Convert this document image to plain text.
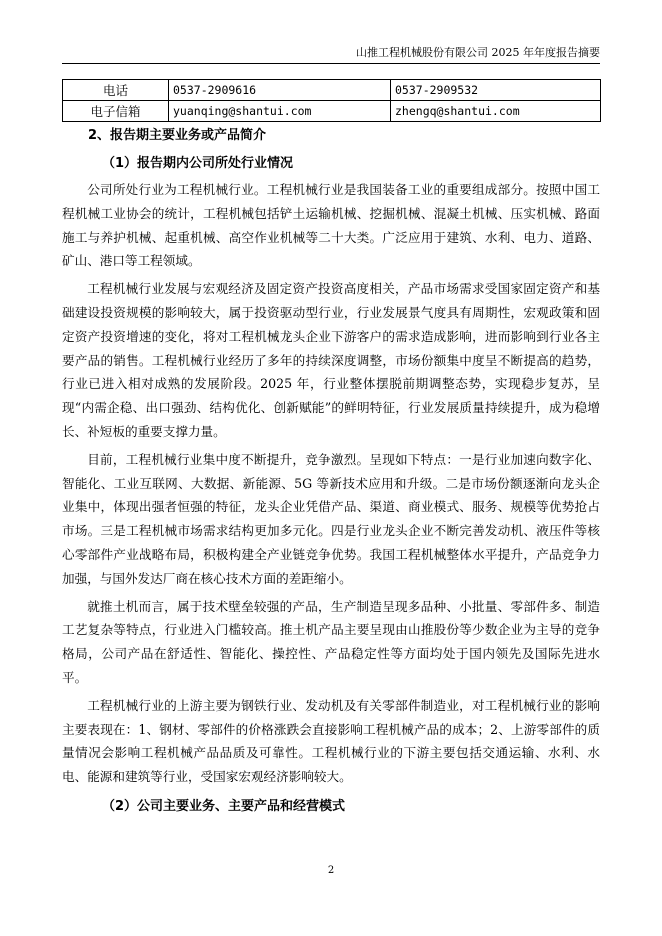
山推工程机械股份有限公司 2025 年年度报告摘要
电话	0537-2909616	0537-2909532
电子信箱	yuanqing@shantui.com	zhengq@shantui.com
2、报告期主要业务或产品简介
（1）报告期内公司所处行业情况

公司所处行业为工程机械行业。工程机械行业是我国装备工业的重要组成部分。按照中国工程机械工业协会的统计，工程机械包括铲土运输机械、挖掘机械、混凝土机械、压实机械、路面施工与养护机械、起重机械、高空作业机械等二十大类。广泛应用于建筑、水利、电力、道路、矿山、港口等工程领域。

工程机械行业发展与宏观经济及固定资产投资高度相关，产品市场需求受国家固定资产和基础建设投资规模的影响较大，属于投资驱动型行业，行业发展景气度具有周期性，宏观政策和固定资产投资增速的变化，将对工程机械龙头企业下游客户的需求造成影响，进而影响到行业各主要产品的销售。工程机械行业经历了多年的持续深度调整，市场份额集中度呈不断提高的趋势，行业已进入相对成熟的发展阶段。2025 年，行业整体摆脱前期调整态势，实现稳步复苏，呈现“内需企稳、出口强劲、结构优化、创新赋能”的鲜明特征，行业发展质量持续提升，成为稳增长、补短板的重要支撑力量。

目前，工程机械行业集中度不断提升，竞争激烈。呈现如下特点：一是行业加速向数字化、智能化、工业互联网、大数据、新能源、5G 等新技术应用和升级。二是市场份额逐渐向龙头企业集中，体现出强者恒强的特征，龙头企业凭借产品、渠道、商业模式、服务、规模等优势抢占市场。三是工程机械市场需求结构更加多元化。四是行业龙头企业不断完善发动机、液压件等核心零部件产业战略布局，积极构建全产业链竞争优势。我国工程机械整体水平提升，产品竞争力加强，与国外发达厂商在核心技术方面的差距缩小。

就推土机而言，属于技术壁垒较强的产品，生产制造呈现多品种、小批量、零部件多、制造工艺复杂等特点，行业进入门槛较高。推土机产品主要呈现由山推股份等少数企业为主导的竞争格局，公司产品在舒适性、智能化、操控性、产品稳定性等方面均处于国内领先及国际先进水平。

工程机械行业的上游主要为钢铁行业、发动机及有关零部件制造业，对工程机械行业的影响主要表现在：1、钢材、零部件的价格涨跌会直接影响工程机械产品的成本；2、上游零部件的质量情况会影响工程机械产品品质及可靠性。工程机械行业的下游主要包括交通运输、水利、水电、能源和建筑等行业，受国家宏观经济影响较大。

（2）公司主要业务、主要产品和经营模式
2
